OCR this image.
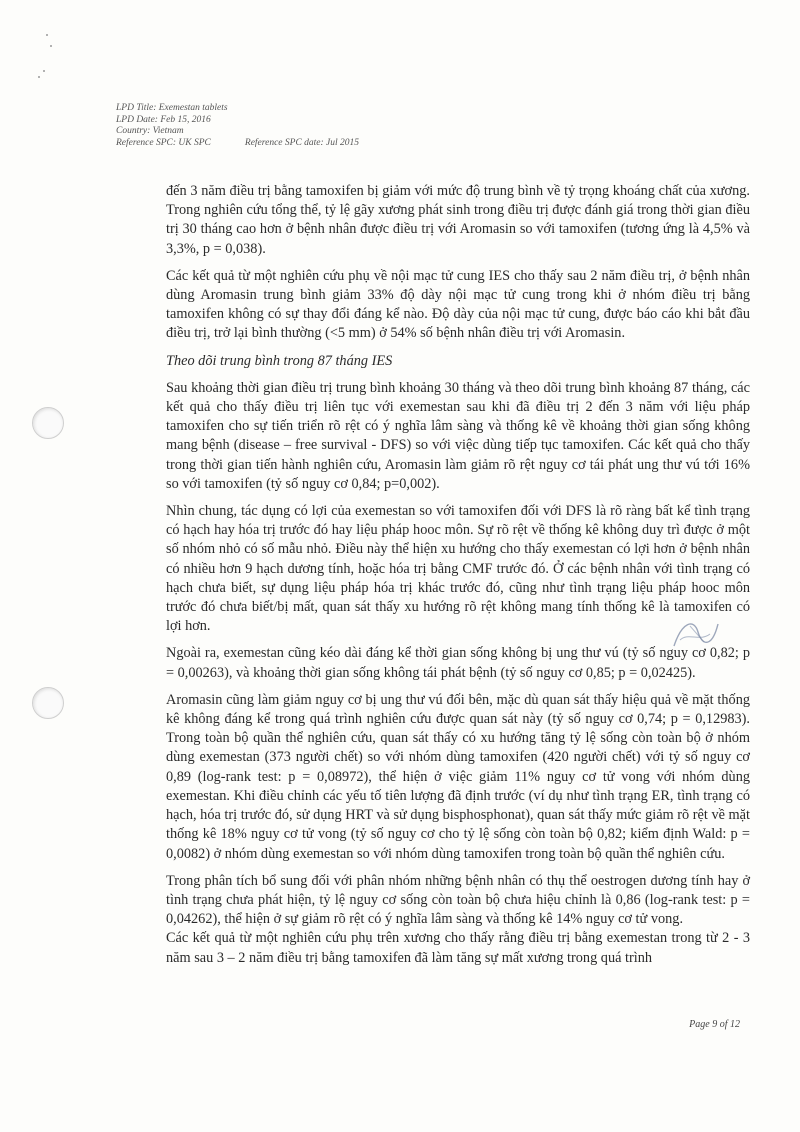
LPD Title: Exemestan tablets
LPD Date: Feb 15, 2016
Country: Vietnam
Reference SPC: UK SPC	Reference SPC date: Jul 2015

đến 3 năm điều trị bằng tamoxifen bị giảm với mức độ trung bình về tỷ trọng khoáng chất của xương. Trong nghiên cứu tổng thể, tỷ lệ gãy xương phát sinh trong điều trị được đánh giá trong thời gian điều trị 30 tháng cao hơn ở bệnh nhân được điều trị với Aromasin so với tamoxifen (tương ứng là 4,5% và 3,3%, p = 0,038).

Các kết quả từ một nghiên cứu phụ về nội mạc tử cung IES cho thấy sau 2 năm điều trị, ở bệnh nhân dùng Aromasin trung bình giảm 33% độ dày nội mạc tử cung trong khi ở nhóm điều trị bằng tamoxifen không có sự thay đổi đáng kể nào. Độ dày của nội mạc tử cung, được báo cáo khi bắt đầu điều trị, trở lại bình thường (<5 mm) ở 54% số bệnh nhân điều trị với Aromasin.

Theo dõi trung bình trong 87 tháng IES

Sau khoảng thời gian điều trị trung bình khoảng 30 tháng và theo dõi trung bình khoảng 87 tháng, các kết quả cho thấy điều trị liên tục với exemestan sau khi đã điều trị 2 đến 3 năm với liệu pháp tamoxifen cho sự tiến triển rõ rệt có ý nghĩa lâm sàng và thống kê về khoảng thời gian sống không mang bệnh (disease – free survival - DFS) so với việc dùng tiếp tục tamoxifen. Các kết quả cho thấy trong thời gian tiến hành nghiên cứu, Aromasin làm giảm rõ rệt nguy cơ tái phát ung thư vú tới 16% so với tamoxifen (tỷ số nguy cơ 0,84; p=0,002).

Nhìn chung, tác dụng có lợi của exemestan so với tamoxifen đối với DFS là rõ ràng bất kể tình trạng có hạch hay hóa trị trước đó hay liệu pháp hooc môn. Sự rõ rệt về thống kê không duy trì được ở một số nhóm nhỏ có số mẫu nhỏ. Điều này thể hiện xu hướng cho thấy exemestan có lợi hơn ở bệnh nhân có nhiều hơn 9 hạch dương tính, hoặc hóa trị bằng CMF trước đó. Ở các bệnh nhân với tình trạng có hạch chưa biết, sự dụng liệu pháp hóa trị khác trước đó, cũng như tình trạng liệu pháp hooc môn trước đó chưa biết/bị mất, quan sát thấy xu hướng rõ rệt không mang tính thống kê là tamoxifen có lợi hơn.

Ngoài ra, exemestan cũng kéo dài đáng kể thời gian sống không bị ung thư vú (tỷ số nguy cơ 0,82; p = 0,00263), và khoảng thời gian sống không tái phát bệnh (tỷ số nguy cơ 0,85; p = 0,02425).

Aromasin cũng làm giảm nguy cơ bị ung thư vú đối bên, mặc dù quan sát thấy hiệu quả về mặt thống kê không đáng kể trong quá trình nghiên cứu được quan sát này (tỷ số nguy cơ 0,74; p = 0,12983). Trong toàn bộ quần thể nghiên cứu, quan sát thấy có xu hướng tăng tỷ lệ sống còn toàn bộ ở nhóm dùng exemestan (373 người chết) so với nhóm dùng tamoxifen (420 người chết) với tỷ số nguy cơ 0,89 (log-rank test: p = 0,08972), thể hiện ở việc giảm 11% nguy cơ tử vong với nhóm dùng exemestan. Khi điều chỉnh các yếu tố tiên lượng đã định trước (ví dụ như tình trạng ER, tình trạng có hạch, hóa trị trước đó, sử dụng HRT và sử dụng bisphosphonat), quan sát thấy mức giảm rõ rệt về mặt thống kê 18% nguy cơ tử vong (tỷ số nguy cơ cho tỷ lệ sống còn toàn bộ 0,82; kiểm định Wald: p = 0,0082) ở nhóm dùng exemestan so với nhóm dùng tamoxifen trong toàn bộ quần thể nghiên cứu.

Trong phân tích bổ sung đối với phân nhóm những bệnh nhân có thụ thể oestrogen dương tính hay ở tình trạng chưa phát hiện, tỷ lệ nguy cơ sống còn toàn bộ chưa hiệu chỉnh là 0,86 (log-rank test: p = 0,04262), thể hiện ở sự giảm rõ rệt có ý nghĩa lâm sàng và thống kê 14% nguy cơ tử vong.

Các kết quả từ một nghiên cứu phụ trên xương cho thấy rằng điều trị bằng exemestan trong từ 2 - 3 năm sau 3 – 2 năm điều trị bằng tamoxifen đã làm tăng sự mất xương trong quá trình

Page 9 of 12
